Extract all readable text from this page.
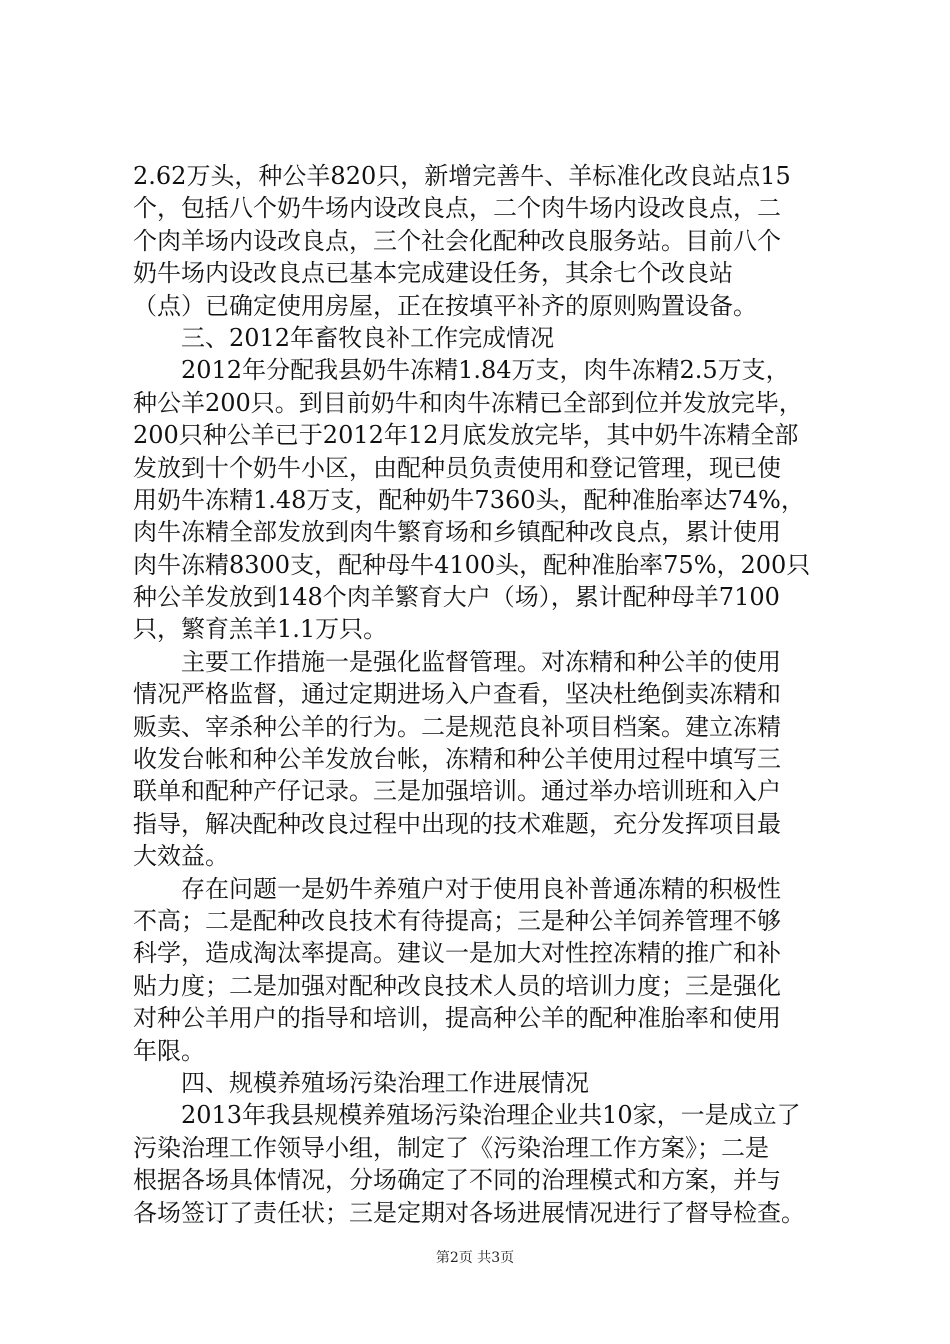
2.62万头，种公羊820只，新增完善牛、羊标准化改良站点15
个，包括八个奶牛场内设改良点，二个肉牛场内设改良点，二
个肉羊场内设改良点，三个社会化配种改良服务站。目前八个
奶牛场内设改良点已基本完成建设任务，其余七个改良站
（点）已确定使用房屋，正在按填平补齐的原则购置设备。
三、2012年畜牧良补工作完成情况
2012年分配我县奶牛冻精1.84万支，肉牛冻精2.5万支，
种公羊200只。到目前奶牛和肉牛冻精已全部到位并发放完毕，
200只种公羊已于2012年12月底发放完毕，其中奶牛冻精全部
发放到十个奶牛小区，由配种员负责使用和登记管理，现已使
用奶牛冻精1.48万支，配种奶牛7360头，配种准胎率达74%，
肉牛冻精全部发放到肉牛繁育场和乡镇配种改良点，累计使用
肉牛冻精8300支，配种母牛4100头，配种准胎率75%，200只
种公羊发放到148个肉羊繁育大户（场），累计配种母羊7100
只，繁育羔羊1.1万只。
主要工作措施一是强化监督管理。对冻精和种公羊的使用
情况严格监督，通过定期进场入户查看，坚决杜绝倒卖冻精和
贩卖、宰杀种公羊的行为。二是规范良补项目档案。建立冻精
收发台帐和种公羊发放台帐，冻精和种公羊使用过程中填写三
联单和配种产仔记录。三是加强培训。通过举办培训班和入户
指导，解决配种改良过程中出现的技术难题，充分发挥项目最
大效益。
存在问题一是奶牛养殖户对于使用良补普通冻精的积极性
不高；二是配种改良技术有待提高；三是种公羊饲养管理不够
科学，造成淘汰率提高。建议一是加大对性控冻精的推广和补
贴力度；二是加强对配种改良技术人员的培训力度；三是强化
对种公羊用户的指导和培训，提高种公羊的配种准胎率和使用
年限。
四、规模养殖场污染治理工作进展情况
2013年我县规模养殖场污染治理企业共10家，一是成立了
污染治理工作领导小组，制定了《污染治理工作方案》；二是
根据各场具体情况，分场确定了不同的治理模式和方案，并与
各场签订了责任状；三是定期对各场进展情况进行了督导检查。
第2页 共3页
